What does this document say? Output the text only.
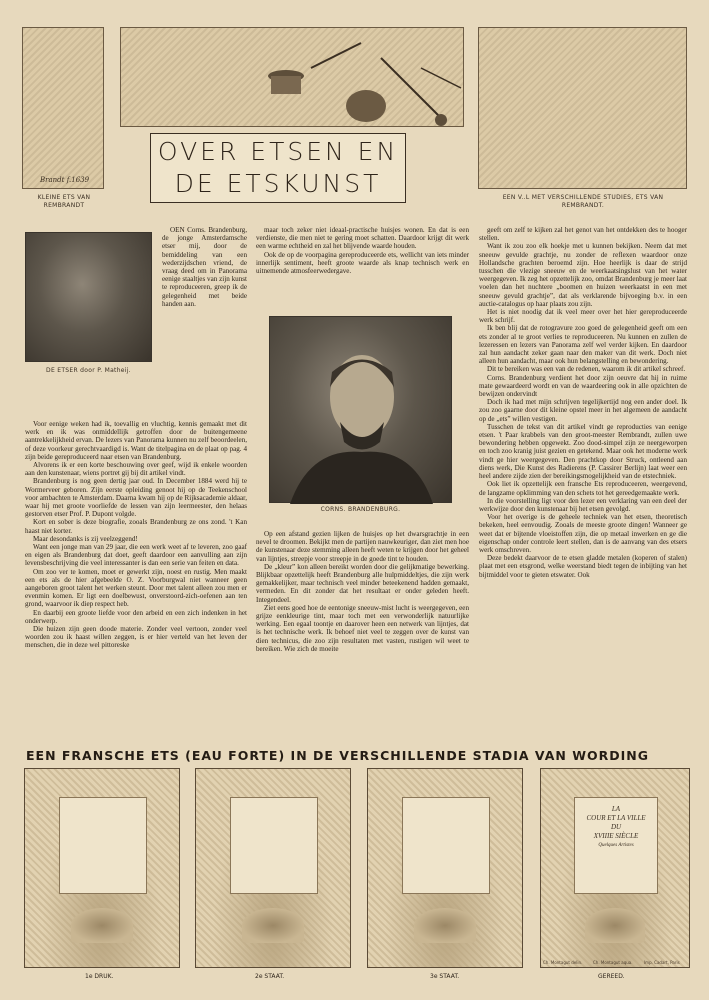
Brandt f.1639
KLEINE ETS VAN REMBRANDT
EEN V..L MET VERSCHILLENDE STUDIES, ETS VAN REMBRANDT.
OVER ETSEN EN
DE ETSKUNST
DE ETSER door P. Matheij.

OEN Corns. Brandenburg, de jonge Amsterdamsche etser mij, door de bemiddeling van een wederzijdschen vriend, de vraag deed om in Panorama eenige staaltjes van zijn kunst te reproduceeren, greep ik de gelegenheid met beide handen aan.

Voor eenige weken had ik, toevallig en vluchtig, kennis gemaakt met dit werk en ik was onmiddellijk getroffen door de buitengemeene aantrekkelijkheid ervan. De lezers van Panorama kunnen nu zelf beoordeelen, of deze voorkeur gerechtvaardigd is. Want de titelpagina en de plaat op pag. 4 zijn beide gereproduceerd naar etsen van Brandenburg.

Alvorens ik er een korte beschouwing over geef, wijd ik enkele woorden aan den kunstenaar, wiens portret gij bij dit artikel vindt.

Brandenburg is nog geen dertig jaar oud. In December 1884 werd hij te Wormerveer geboren. Zijn eerste opleiding genoot hij op de Teekenschool voor ambachten te Amsterdam. Daarna kwam hij op de Rijksacademie aldaar, waar hij met groote voorliefde de lessen van zijn leermeester, den helaas gestorven etser Prof. P. Dupont volgde.

Kort en sober is deze biografie, zooals Brandenburg ze ons zond. 't Kan haast niet korter.

Maar desondanks is zij veelzeggend!

Want een jonge man van 29 jaar, die een werk weet af te leveren, zoo gaaf en eigen als Brandenburg dat doet, geeft daardoor een aanvulling aan zijn levensbeschrijving die veel interessanter is dan een serie van feiten en data.

Om zoo ver te komen, moet er gewerkt zijn, noest en rustig. Men maakt een ets als de hier afgebeelde O. Z. Voorburgwal niet wanneer geen aangeboren groot talent het werken steunt. Door met talent alleen zou men er evenmin komen. Er ligt een doelbewust, onverstoord-zich-oefenen aan ten grond, waarvoor ik diep respect heb.

En daarbij een groote liefde voor den arbeid en een zich indenken in het onderwerp.

Die huizen zijn geen doode materie. Zonder veel vertoon, zonder veel woorden zou ik haast willen zeggen, is er hier verteld van het leven der menschen, die in deze wel pittoreske

maar toch zeker niet ideaal-practische huisjes wonen. En dat is een verdienste, die men niet te gering moet schatten. Daardoor krijgt dit werk een warme echtheid en zal het blijvende waarde houden.

Ook de op de voorpagina gereproduceerde ets, wellicht van iets minder innerlijk sentiment, heeft groote waarde als knap technisch werk en uitnemende atmosfeerwedergave.

CORNS. BRANDENBURG.

Op een afstand gezien lijken de huisjes op het dwarsgrachtje in een nevel te droomen. Bekijkt men de partijen nauwkeuriger, dan ziet men hoe de kunstenaar deze stemming alleen heeft weten te krijgen door het geheel van lijntjes, streepje voor streepje in de goede tint te houden.

De „kleur” kon alleen bereikt worden door die gelijkmatige bewerking. Blijkbaar opzettelijk heeft Brandenburg alle hulpmiddeltjes, die zijn werk gemakkelijker, maar technisch veel minder beteekenend hadden gemaakt, vermeden. En dit zonder dat het resultaat er onder geleden heeft. Integendeel.

Ziet eens goed hoe de eentonige sneeuw-mist lucht is weergegeven, een grijze eenkleurige tint, maar toch met een verwonderlijk natuurlijke werking. Een egaal toontje en daarover heen een netwerk van lijntjes, dat is het technische werk. Ik behoef niet veel te zeggen over de kunst van dien technicus, die zoo zijn resultaten met vasten, rustigen wil weet te bereiken. Wie zich de moeite

geeft om zelf te kijken zal het genot van het ontdekken des te hooger stellen.

Want ik zou zoo elk hoekje met u kunnen bekijken. Neem dat met sneeuw gevulde grachtje, nu zonder de reflexen waardoor onze Hollandsche grachten beroemd zijn. Hoe heerlijk is daar de strijd tusschen die vlezige sneeuw en de weerkaatsingslust van het water weergegeven. Ik zeg het opzettelijk zoo, omdat Brandenburg je meer laat voelen dan het nuchtere „boomen en huizen weerkaatst in een met sneeuw gevuld grachtje”, dat als verklarende bijvoeging b.v. in een auctie-catalogus op haar plaats zou zijn.

Het is niet noodig dat ik veel meer over het hier gereproduceerde werk schrijf.

Ik ben blij dat de rotogravure zoo goed de gelegenheid geeft om een ets zonder al te groot verlies te reproduceeren. Nu kunnen en zullen de lezeressen en lezers van Panorama zelf wel verder kijken. En daardoor zal hun aandacht zeker gaan naar den maker van dit werk. Doch niet alleen hun aandacht, maar ook hun belangstelling en bewondering.

Dit te bereiken was een van de redenen, waarom ik dit artikel schreef.

Corns. Brandenburg verdient het door zijn oeuvre dat hij in ruime mate gewaardeerd wordt en van de waardeering ook in alle opzichten de bewijzen ondervindt

Doch ik had met mijn schrijven tegelijkertijd nog een ander doel. Ik zou zoo gaarne door dit kleine opstel meer in het algemeen de aandacht op de „ets” willen vestigen.

Tusschen de tekst van dit artikel vindt ge reproducties van eenige etsen. 't Paar krabbels van den groot-meester Rembrandt, zullen uwe bewondering hebben opgewekt. Zoo dood-simpel zijn ze neergeworpen en toch zoo kranig juist gezien en getekend. Maar ook het moderne werk vindt ge hier weergegeven. Den prachtkop door Struck, ontleend aan diens werk, Die Kunst des Radierens (P. Cassirer Berlijn) laat weer een heel andere zijde zien der bereikingsmogelijkheid van de etstechniek.

Ook liet ik opzettelijk een fransche Ets reproduceeren, weergevend, de langzame opklimming van den schets tot het gereedgemaakte werk.

In die voorstelling ligt voor den lezer een verklaring van een deel der werkwijze door den kunstenaar bij het etsen gevolgd.

Voor het overige is de geheele techniek van het etsen, theoretisch bekeken, heel eenvoudig. Zooals de meeste groote dingen! Wanneer ge weet dat er bijtende vloeistoffen zijn, die op metaal inwerken en ge die eigenschap onder controle leert stellen, dan is de aanvang van des etsers werk omschreven.

Deze bedekt daarvoor de te etsen gladde metalen (koperen of stalen) plaat met een etsgrond, welke weerstand biedt tegen de inbijting van het bijtmiddel voor te gieten etswater. Ook

EEN FRANSCHE ETS (EAU FORTE) IN DE VERSCHILLENDE STADIA VAN WORDING
1e DRUK.	2e STAAT.	3e STAAT.
LA
COUR ET LA VILLE
DU
XVIIIE SIÈCLE
Quelques Artistes
Ch. Montagut delin.	Ch. Montagut aqua.	Imp. Cadart, Paris
GEREED.
